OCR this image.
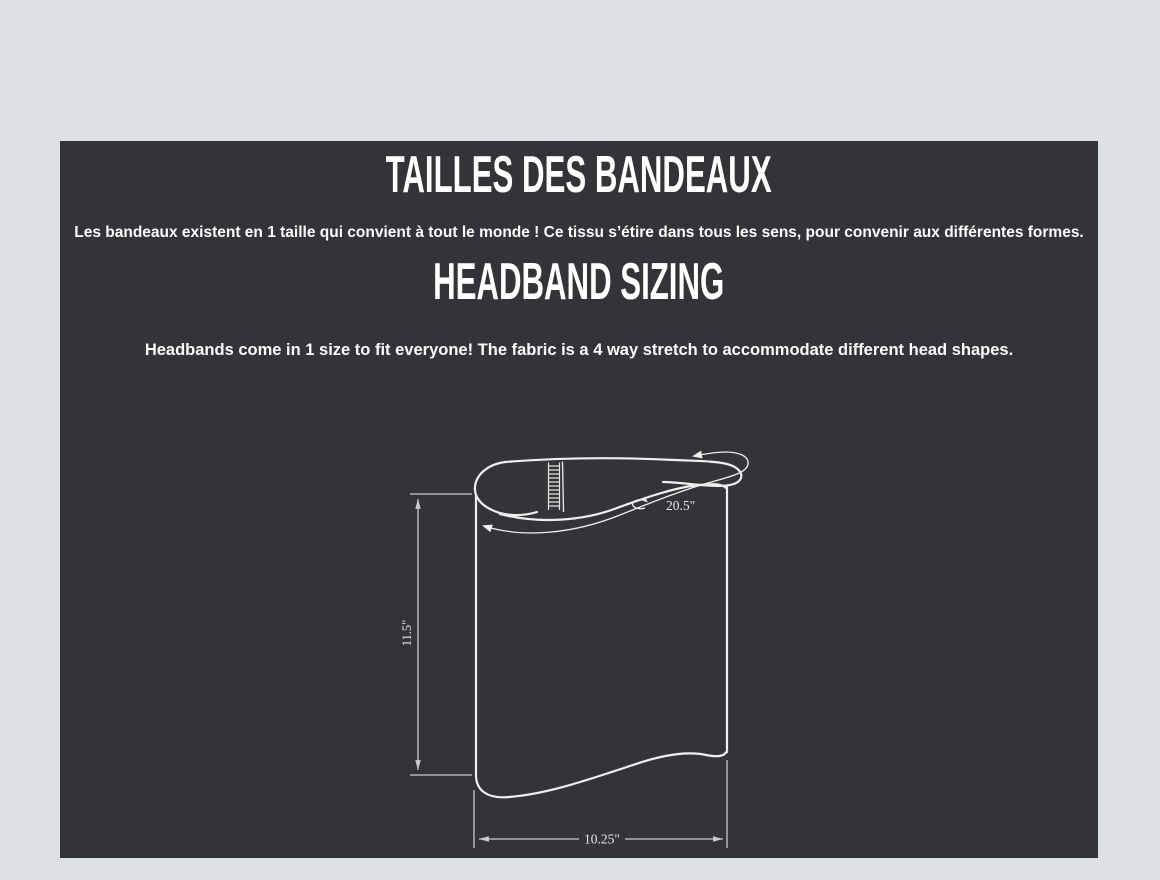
TAILLES DES BANDEAUX

Les bandeaux existent en 1 taille qui convient à tout le monde ! Ce tissu s’étire dans tous les sens, pour convenir aux différentes formes.

HEADBAND SIZING

Headbands come in 1 size to fit everyone! The fabric is a 4 way stretch to accommodate different head shapes.

20.5"
11.5"
10.25"
